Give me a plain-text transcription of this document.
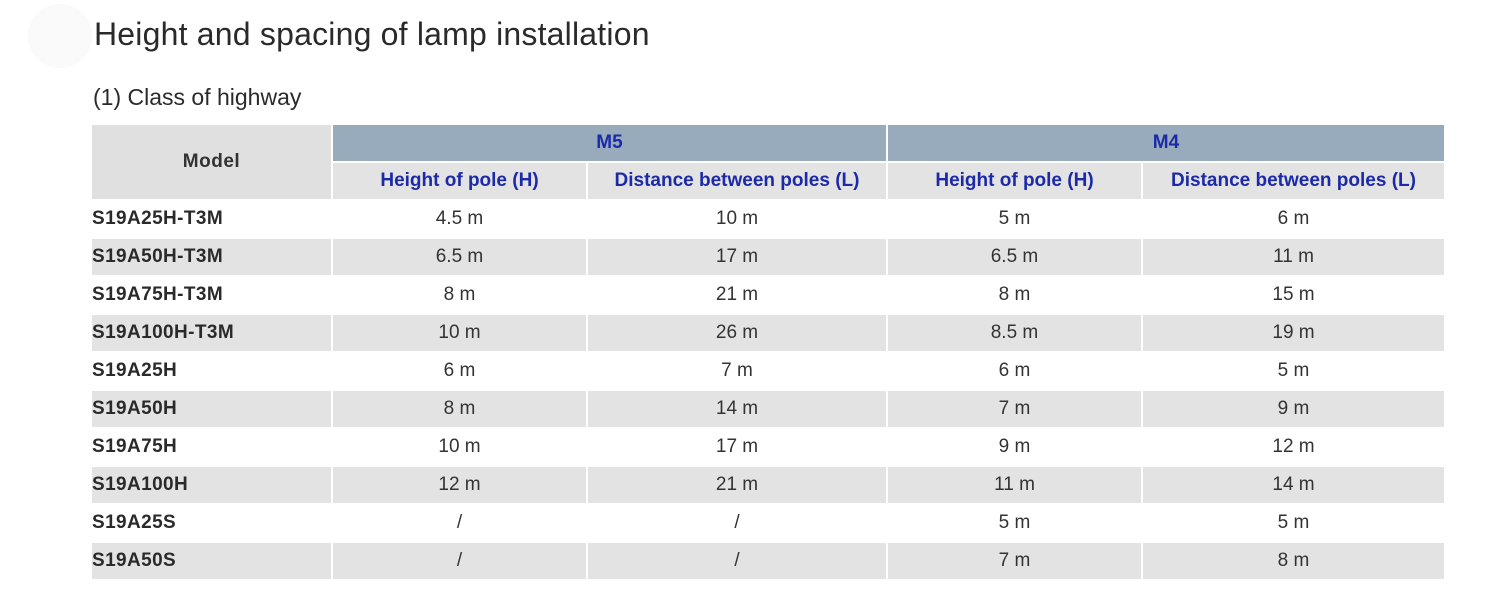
Height and spacing of lamp installation
(1) Class of highway
Model	M5		M4	
	Height of pole (H)	Distance between poles (L)	Height of pole (H)	Distance between poles (L)
S19A25H-T3M	4.5 m	10 m	5 m	6 m
S19A50H-T3M	6.5 m	17 m	6.5 m	11 m
S19A75H-T3M	8 m	21 m	8 m	15 m
S19A100H-T3M	10 m	26 m	8.5 m	19 m
S19A25H	6 m	7 m	6 m	5 m
S19A50H	8 m	14 m	7 m	9 m
S19A75H	10 m	17 m	9 m	12 m
S19A100H	12 m	21 m	11 m	14 m
S19A25S	/	/	5 m	5 m
S19A50S	/	/	7 m	8 m
